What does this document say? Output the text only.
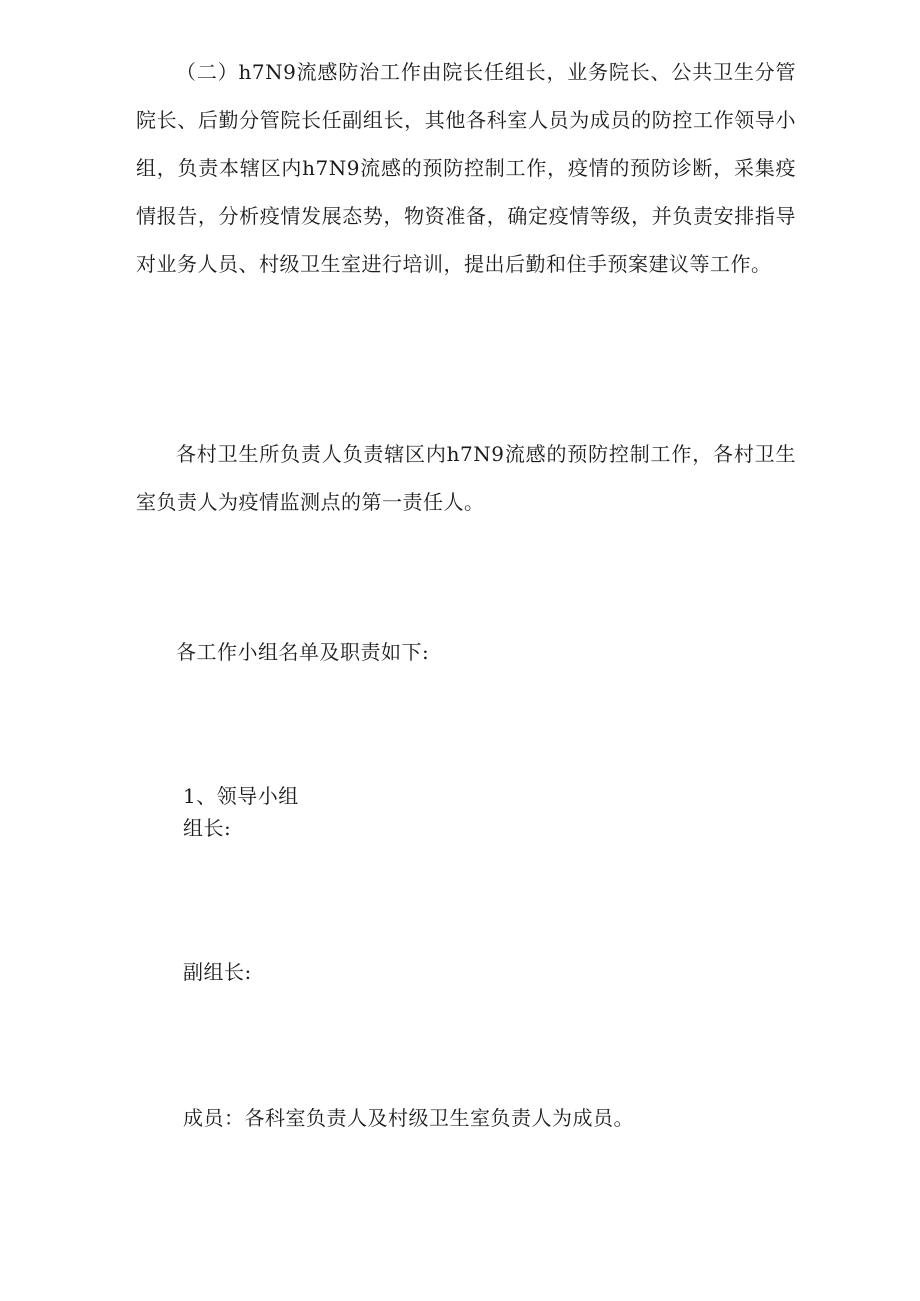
（二）h7N9流感防治工作由院长任组长，业务院长、公共卫生分管院长、后勤分管院长任副组长，其他各科室人员为成员的防控工作领导小组，负责本辖区内h7N9流感的预防控制工作，疫情的预防诊断，采集疫情报告，分析疫情发展态势，物资准备，确定疫情等级，并负责安排指导对业务人员、村级卫生室进行培训，提出后勤和住手预案建议等工作。

各村卫生所负责人负责辖区内h7N9流感的预防控制工作，各村卫生室负责人为疫情监测点的第一责任人。

各工作小组名单及职责如下:

1、领导小组

组长:

副组长:

成员：各科室负责人及村级卫生室负责人为成员。
